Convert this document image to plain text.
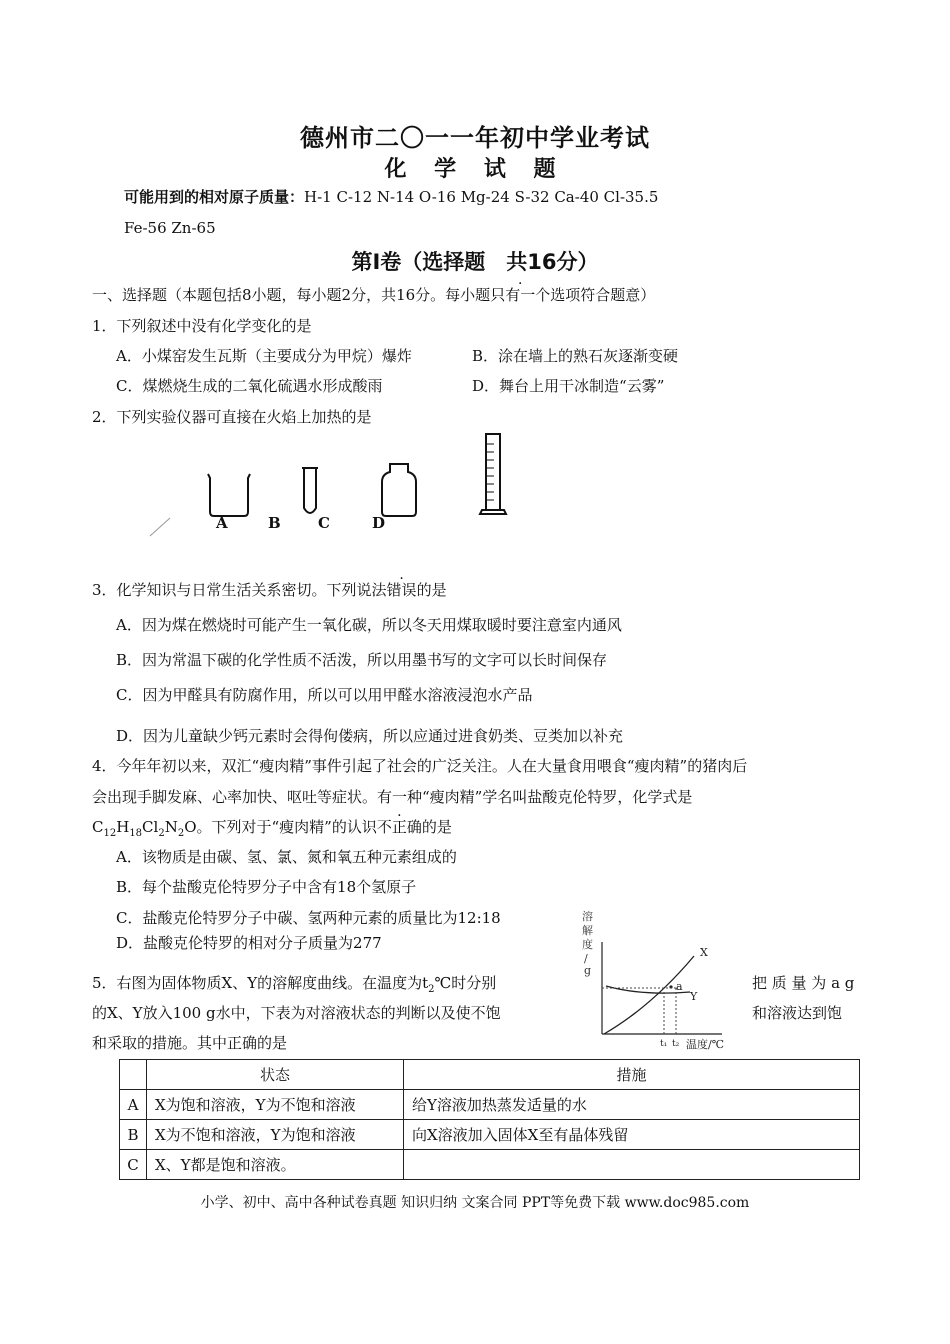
德州市二〇一一年初中学业考试
化 学 试 题
可能用到的相对原子质量：H-1 C-12 N-14 O-16 Mg-24 S-32 Ca-40 Cl-35.5
Fe-56 Zn-65
第Ⅰ卷（选择题　共16分）
一、选择题（本题包括8小题，每小题2分，共16分。每小题只有一个选项符合题意）
1．下列叙述中没有化学变化的是
A．小煤窑发生瓦斯（主要成分为甲烷）爆炸	B．涂在墙上的熟石灰逐渐变硬
C．煤燃烧生成的二氧化硫遇水形成酸雨	D．舞台上用干冰制造“云雾”
2．下列实验仪器可直接在火焰上加热的是
A	B C	D
3．化学知识与日常生活关系密切。下列说法错误的是
A．因为煤在燃烧时可能产生一氧化碳，所以冬天用煤取暖时要注意室内通风
B．因为常温下碳的化学性质不活泼，所以用墨书写的文字可以长时间保存
C．因为甲醛具有防腐作用，所以可以用甲醛水溶液浸泡水产品
D．因为儿童缺少钙元素时会得佝偻病，所以应通过进食奶类、豆类加以补充
4．今年年初以来，双汇“瘦肉精”事件引起了社会的广泛关注。人在大量食用喂食“瘦肉精”的猪肉后
会出现手脚发麻、心率加快、呕吐等症状。有一种“瘦肉精”学名叫盐酸克伦特罗，化学式是
$C_{12}H_{18}Cl_2N_2O$。下列对于“瘦肉精”的认识不正确的是
A．该物质是由碳、氢、氯、氮和氧五种元素组成的
B．每个盐酸克伦特罗分子中含有18个氢原子
C．盐酸克伦特罗分子中碳、氢两种元素的质量比为12:18
D．盐酸克伦特罗的相对分子质量为277
5．右图为固体物质X、Y的溶解度曲线。在温度为$t_2℃$时分别	把 质 量 为 a g
的X、Y放入100 g水中，下表为对溶液状态的判断以及使不饱	和溶液达到饱
和采取的措施。其中正确的是
溶
解
度
/
g
X
Y
a
t₁ t₂ 温度/℃
	状态	措施
A	X为饱和溶液，Y为不饱和溶液	给Y溶液加热蒸发适量的水
B	X为不饱和溶液，Y为饱和溶液	向X溶液加入固体X至有晶体残留
C	X、Y都是饱和溶液。	
小学、初中、高中各种试卷真题 知识归纳 文案合同 PPT等免费下载 www.doc985.com
